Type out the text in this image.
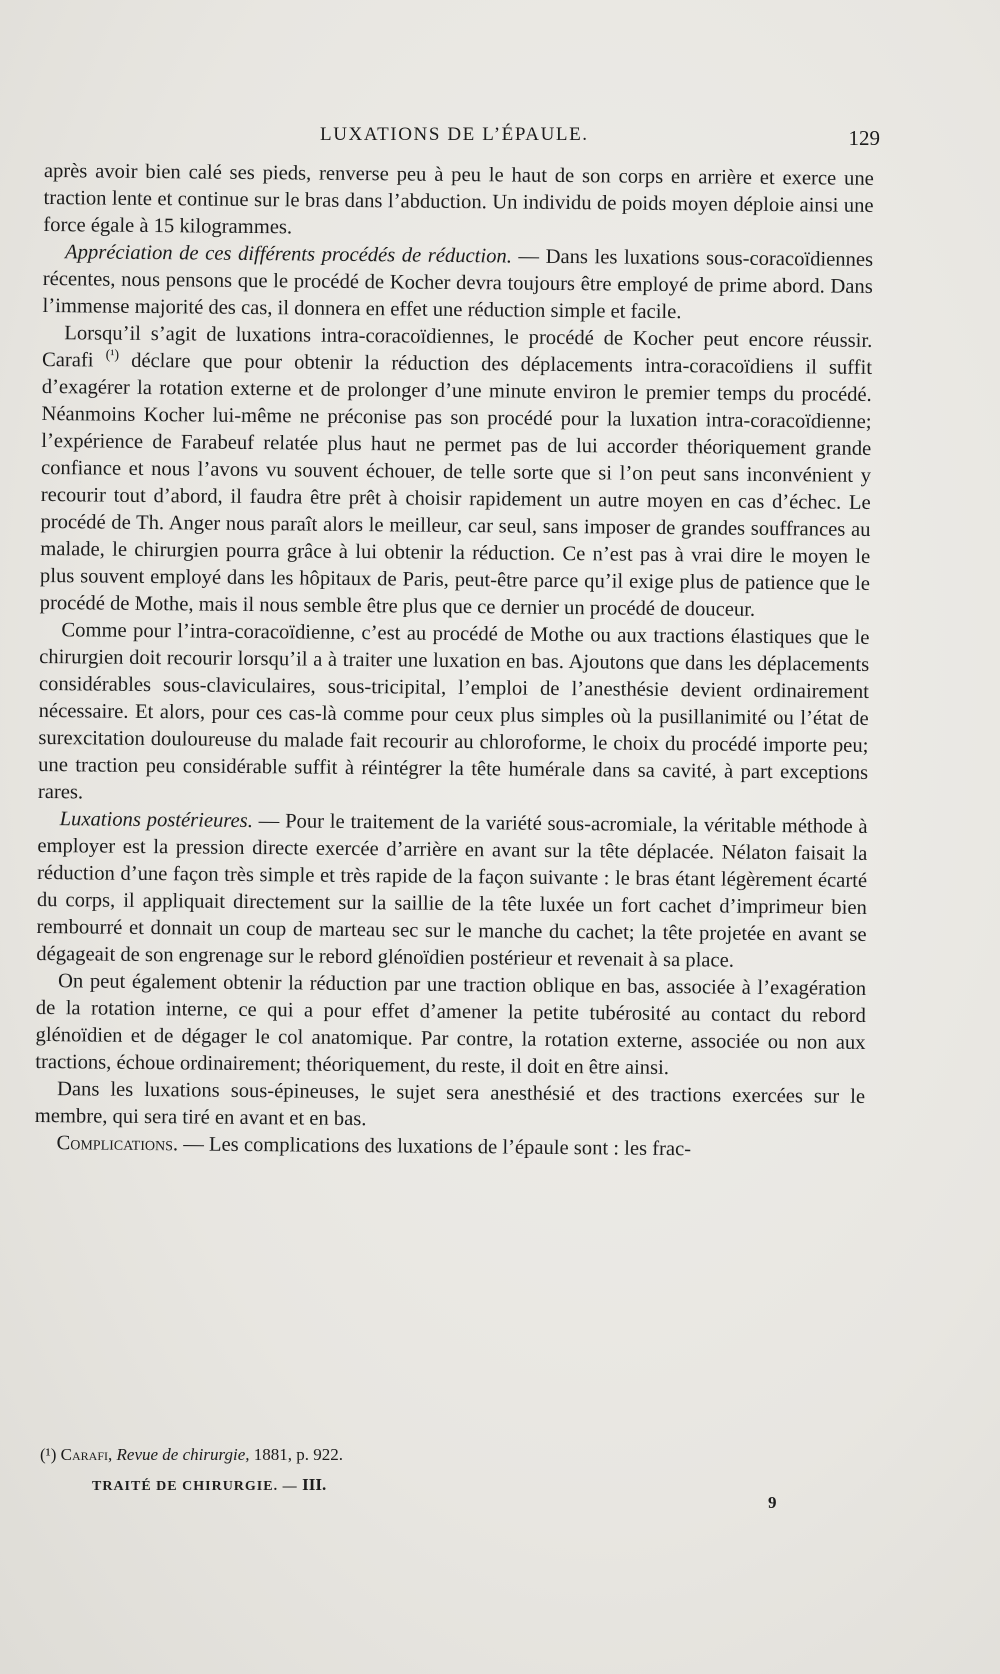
LUXATIONS DE L’ÉPAULE.	129

après avoir bien calé ses pieds, renverse peu à peu le haut de son corps en arrière et exerce une traction lente et continue sur le bras dans l’abduction. Un individu de poids moyen déploie ainsi une force égale à 15 kilogrammes.

Appréciation de ces différents procédés de réduction. — Dans les luxations sous-coracoïdiennes récentes, nous pensons que le procédé de Kocher devra toujours être employé de prime abord. Dans l’immense majorité des cas, il donnera en effet une réduction simple et facile.

Lorsqu’il s’agit de luxations intra-coracoïdiennes, le procédé de Kocher peut encore réussir. Carafi $^{(^1)}$ déclare que pour obtenir la réduction des déplacements intra-coracoïdiens il suffit d’exagérer la rotation externe et de prolonger d’une minute environ le premier temps du procédé. Néanmoins Kocher lui-même ne préconise pas son procédé pour la luxation intra-coracoïdienne; l’expérience de Farabeuf relatée plus haut ne permet pas de lui accorder théoriquement grande confiance et nous l’avons vu souvent échouer, de telle sorte que si l’on peut sans inconvénient y recourir tout d’abord, il faudra être prêt à choisir rapidement un autre moyen en cas d’échec. Le procédé de Th. Anger nous paraît alors le meilleur, car seul, sans imposer de grandes souffrances au malade, le chirurgien pourra grâce à lui obtenir la réduction. Ce n’est pas à vrai dire le moyen le plus souvent employé dans les hôpitaux de Paris, peut-être parce qu’il exige plus de patience que le procédé de Mothe, mais il nous semble être plus que ce dernier un procédé de douceur.

Comme pour l’intra-coracoïdienne, c’est au procédé de Mothe ou aux tractions élastiques que le chirurgien doit recourir lorsqu’il a à traiter une luxation en bas. Ajoutons que dans les déplacements considérables sous-claviculaires, sous-tricipital, l’emploi de l’anesthésie devient ordinairement nécessaire. Et alors, pour ces cas-là comme pour ceux plus simples où la pusillanimité ou l’état de surexcitation douloureuse du malade fait recourir au chloroforme, le choix du procédé importe peu; une traction peu considérable suffit à réintégrer la tête humérale dans sa cavité, à part exceptions rares.

Luxations postérieures. — Pour le traitement de la variété sous-acromiale, la véritable méthode à employer est la pression directe exercée d’arrière en avant sur la tête déplacée. Nélaton faisait la réduction d’une façon très simple et très rapide de la façon suivante : le bras étant légèrement écarté du corps, il appliquait directement sur la saillie de la tête luxée un fort cachet d’imprimeur bien rembourré et donnait un coup de marteau sec sur le manche du cachet; la tête projetée en avant se dégageait de son engrenage sur le rebord glénoïdien postérieur et revenait à sa place.

On peut également obtenir la réduction par une traction oblique en bas, associée à l’exagération de la rotation interne, ce qui a pour effet d’amener la petite tubérosité au contact du rebord glénoïdien et de dégager le col anatomique. Par contre, la rotation externe, associée ou non aux tractions, échoue ordinairement; théoriquement, du reste, il doit en être ainsi.

Dans les luxations sous-épineuses, le sujet sera anesthésié et des tractions exercées sur le membre, qui sera tiré en avant et en bas.

Complications. — Les complications des luxations de l’épaule sont : les frac-

(¹) Carafi, Revue de chirurgie, 1881, p. 922.

TRAITÉ DE CHIRURGIE. — III.
9
